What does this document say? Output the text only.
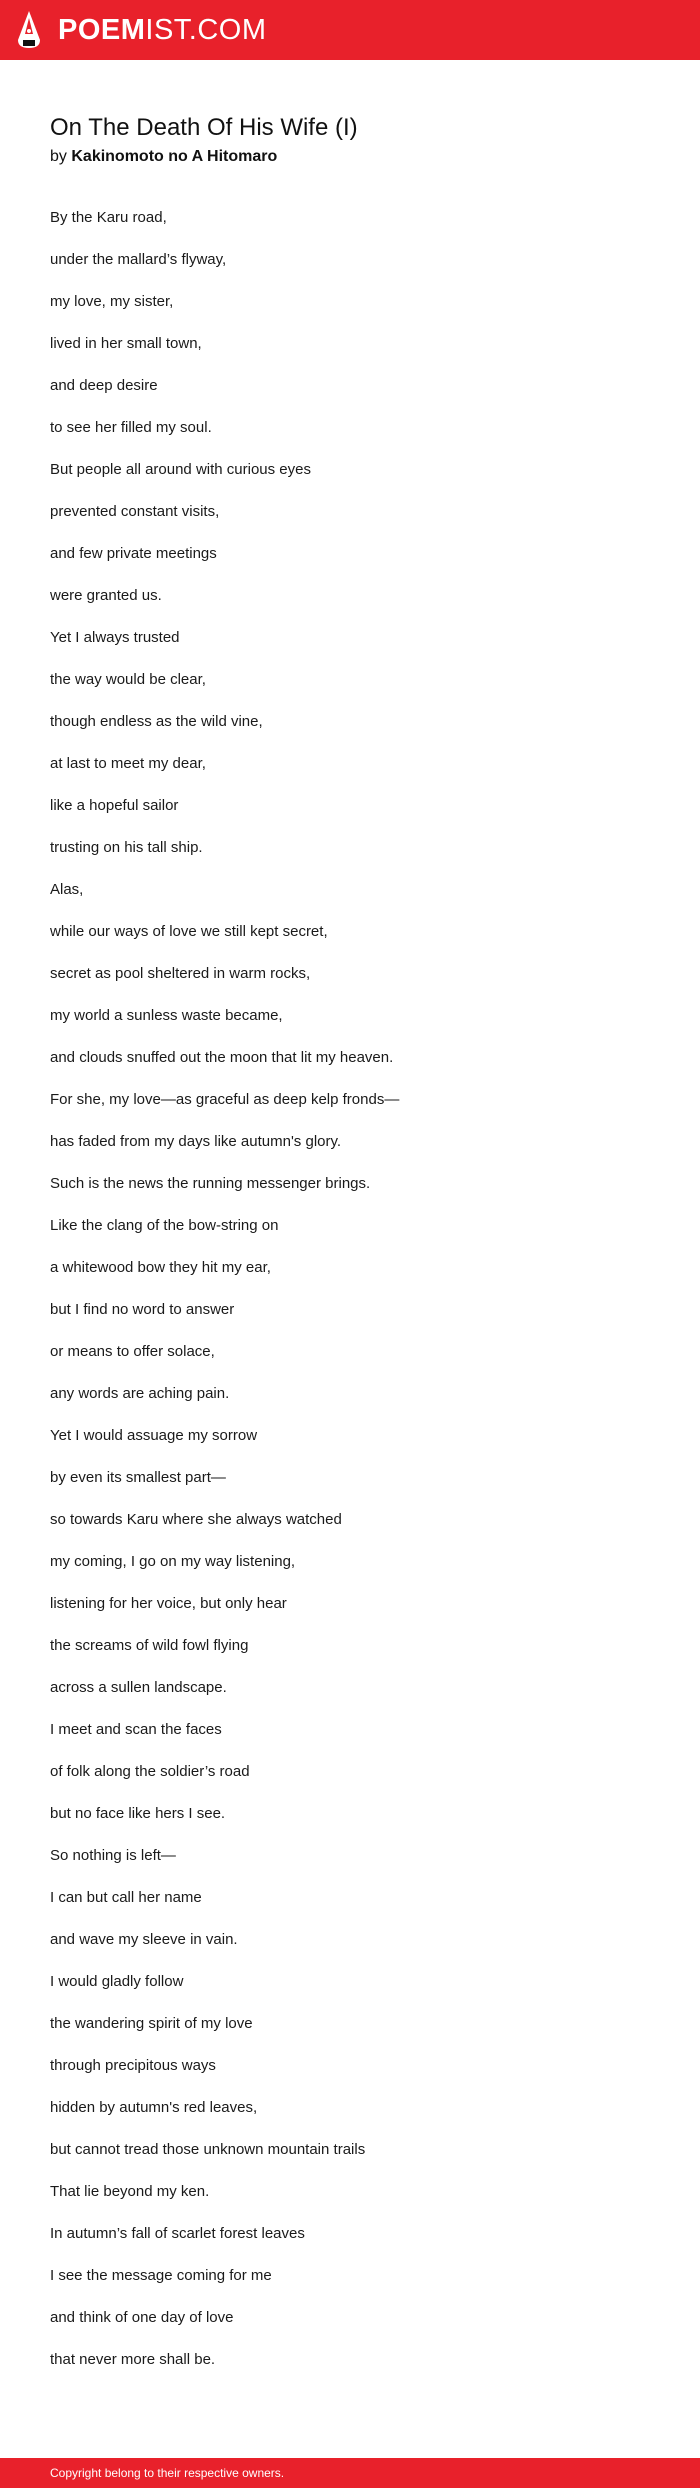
POEMIST.COM
On The Death Of His Wife (I)
by Kakinomoto no A Hitomaro
By the Karu road,
under the mallard’s flyway,
my love, my sister,
lived in her small town,
and deep desire
to see her filled my soul.
But people all around with curious eyes
prevented constant visits,
and few private meetings
were granted us.
Yet I always trusted
the way would be clear,
though endless as the wild vine,
at last to meet my dear,
like a hopeful sailor
trusting on his tall ship.
Alas,
while our ways of love we still kept secret,
secret as pool sheltered in warm rocks,
my world a sunless waste became,
and clouds snuffed out the moon that lit my heaven.
For she, my love—as graceful as deep kelp fronds—
has faded from my days like autumn's glory.
Such is the news the running messenger brings.
Like the clang of the bow-string on
a whitewood bow they hit my ear,
but I find no word to answer
or means to offer solace,
any words are aching pain.
Yet I would assuage my sorrow
by even its smallest part—
so towards Karu where she always watched
my coming, I go on my way listening,
listening for her voice, but only hear
the screams of wild fowl flying
across a sullen landscape.
I meet and scan the faces
of folk along the soldier’s road
but no face like hers I see.
So nothing is left—
I can but call her name
and wave my sleeve in vain.
I would gladly follow
the wandering spirit of my love
through precipitous ways
hidden by autumn's red leaves,
but cannot tread those unknown mountain trails
That lie beyond my ken.
In autumn’s fall of scarlet forest leaves
I see the message coming for me
and think of one day of love
that never more shall be.
Copyright belong to their respective owners.
